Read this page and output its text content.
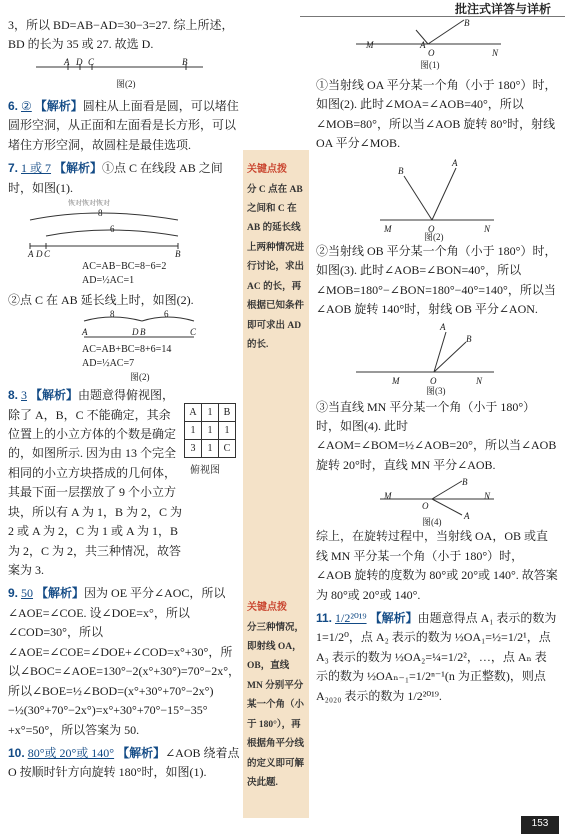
批注式详答与详析
关键点拨
分 C 点在 AB 之间和 C 在 AB 的延长线上两种情况进行讨论，求出 AC 的长，再根据已知条件即可求出 AD 的长.
关键点拨
分三种情况，即射线 OA，OB，直线 MN 分别平分某一个角（小于 180°），再根据角平分线的定义即可解决此题.

3，所以 BD=AB−AD=30−3=27. 综上所述，BD 的长为 35 或 27. 故选 D.

A D C	B
图(2)

6. ② 【解析】圆柱从上面看是圆，可以堵住圆形空洞，从正面和左面看是长方形，可以堵住方形空洞，故圆柱是最佳选项.

7. 1 或 7 【解析】①点 C 在线段 AB 之间时，如图(1).

恢对恢对恢对
8
6
A D C	B

AC=AB−BC=8−6=2

AD=½AC=1

②点 C 在 AB 延长线上时，如图(2).

8	6
A	D B	C

AC=AB+BC=8+6=14

AD=½AC=7

图(2)

8. 3 【解析】由题意得俯视图，除了 A，B，C 不能确定，其余位置上的小立方体的个数是确定的，如图所示. 因为由 13 个完全相同的小立方块搭成的几何体，其最下面一层摆放了 9 个小立方块，所以有 A 为 1，B 为 2，C 为 2 或 A 为 2，C 为 1 或 A 为 1，B 为 2，C 为 2，共三种情况，故答案为 3.

9. 50 【解析】因为 OE 平分∠AOC，所以∠AOE=∠COE. 设∠DOE=x°，所以∠COD=30°，所以∠AOE=∠COE=∠DOE+∠COD=x°+30°，所以∠BOC=∠AOE=130°−2(x°+30°)=70°−2x°，所以∠BOE=½∠BOD=(x°+30°+70°−2x°)−½(30°+70°−2x°)=x°+30°+70°−15°−35°+x°=50°，所以答案为 50.

10. 80°或 20°或 140° 【解析】∠AOB 绕着点 O 按顺时针方向旋转 180°时，如图(1).

A	1	B
1	1	1
3	1	C
俯视图
M	A
O
B
N
图(1)

①当射线 OA 平分某一个角（小于 180°）时，如图(2). 此时∠MOA=∠AOB=40°，所以∠MOB=80°，所以当∠AOB 旋转 80°时，射线 OA 平分∠MOB.

A
B
M	O	N
图(2)

②当射线 OB 平分某一个角（小于 180°）时，如图(3). 此时∠AOB=∠BON=40°，所以∠MOB=180°−∠BON=180°−40°=140°，所以当∠AOB 旋转 140°时，射线 OB 平分∠AON.

A
B
M	O	N
图(3)

③当直线 MN 平分某一个角（小于 180°）时，如图(4). 此时∠AOM=∠BOM=½∠AOB=20°，所以当∠AOB 旋转 20°时，直线 MN 平分∠AOB.

B
M
O
N
A
图(4)

综上，在旋转过程中，当射线 OA，OB 或直线 MN 平分某一个角（小于 180°）时，∠AOB 旋转的度数为 80°或 20°或 140°. 故答案为 80°或 20°或 140°.

11. 1/2²⁰¹⁹ 【解析】由题意得点 A₁ 表示的数为 1=1/2⁰，点 A₂ 表示的数为 ½OA₁=½=1/2¹，点 A₃ 表示的数为 ½OA₂=¼=1/2²，…，点 Aₙ 表示的数为 ½OAₙ₋₁=1/2ⁿ⁻¹(n 为正整数)，则点 A₂₀₂₀ 表示的数为 1/2²⁰¹⁹.

153
